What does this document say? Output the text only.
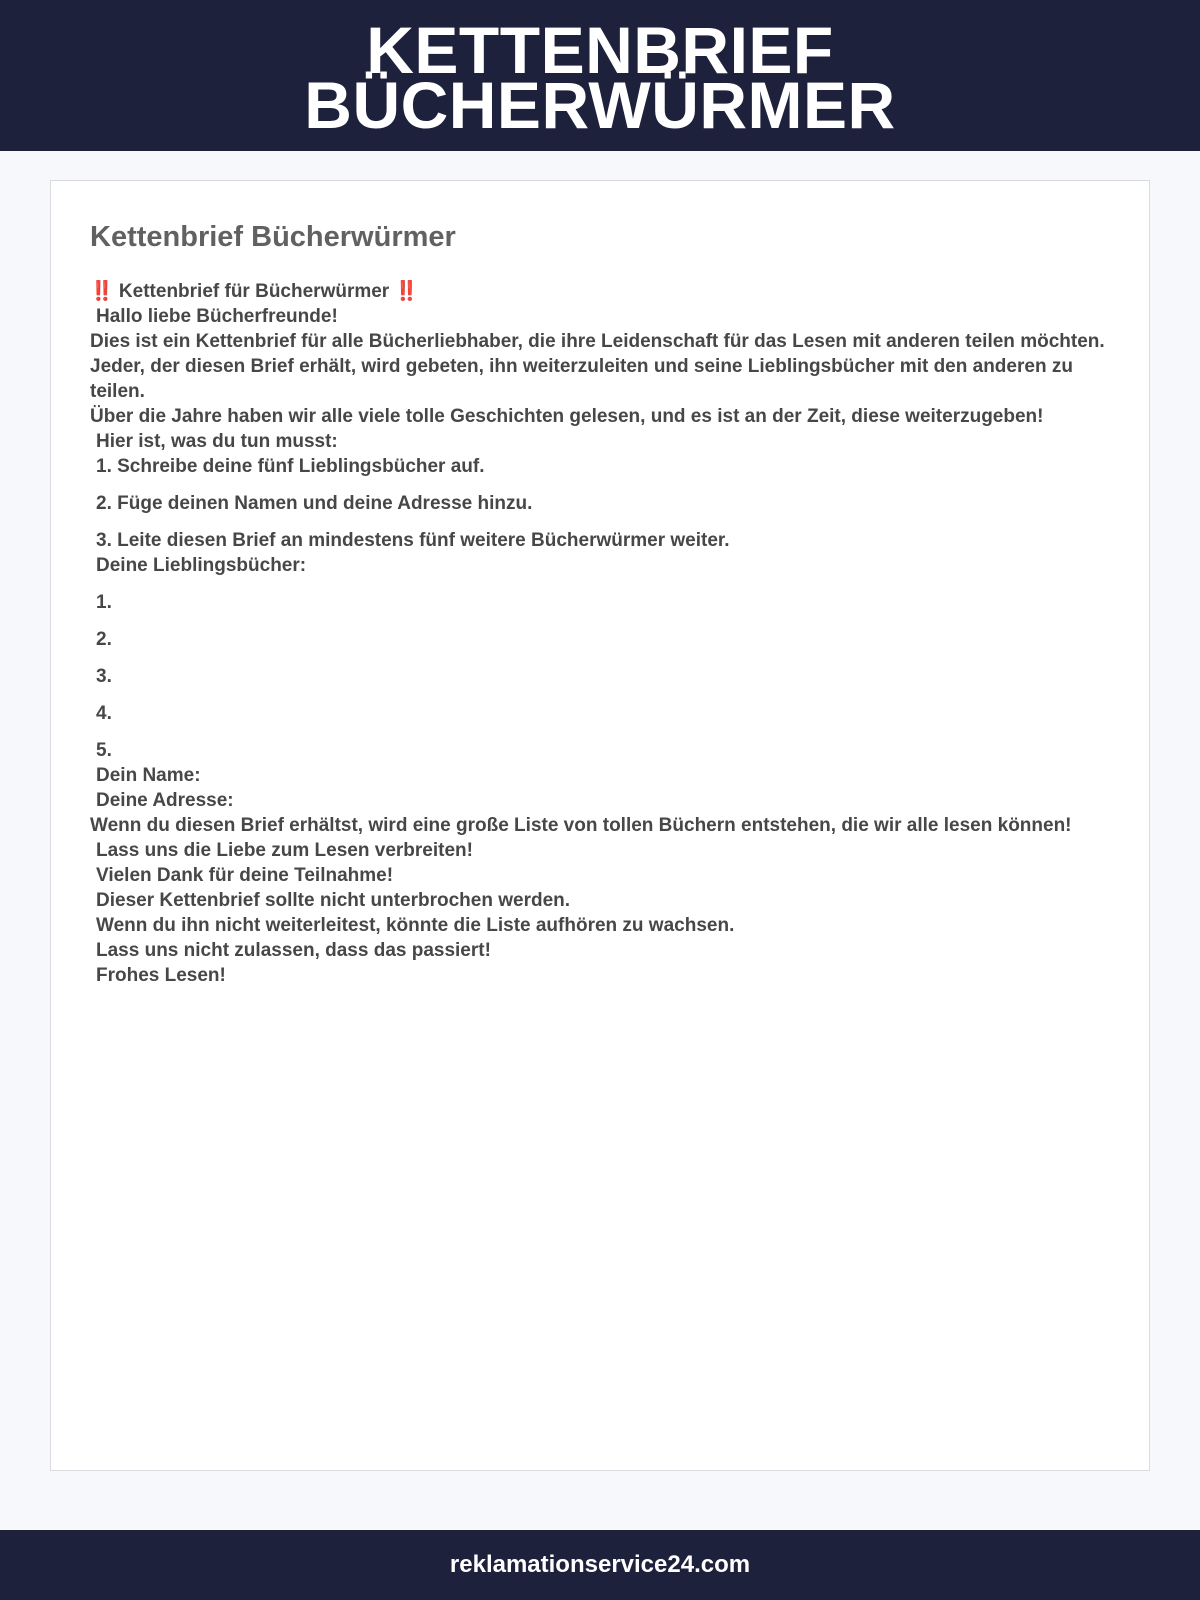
KETTENBRIEF
BÜCHERWÜRMER
Kettenbrief Bücherwürmer

‼️ Kettenbrief für Bücherwürmer ‼️

Hallo liebe Bücherfreunde!

Dies ist ein Kettenbrief für alle Bücherliebhaber, die ihre Leidenschaft für das Lesen mit anderen teilen möchten.

Jeder, der diesen Brief erhält, wird gebeten, ihn weiterzuleiten und seine Lieblingsbücher mit den anderen zu teilen.

Über die Jahre haben wir alle viele tolle Geschichten gelesen, und es ist an der Zeit, diese weiterzugeben!

Hier ist, was du tun musst:

1. Schreibe deine fünf Lieblingsbücher auf.

2. Füge deinen Namen und deine Adresse hinzu.

3. Leite diesen Brief an mindestens fünf weitere Bücherwürmer weiter.

Deine Lieblingsbücher:

1.

2.

3.

4.

5.

Dein Name:

Deine Adresse:

Wenn du diesen Brief erhältst, wird eine große Liste von tollen Büchern entstehen, die wir alle lesen können!

Lass uns die Liebe zum Lesen verbreiten!

Vielen Dank für deine Teilnahme!

Dieser Kettenbrief sollte nicht unterbrochen werden.

Wenn du ihn nicht weiterleitest, könnte die Liste aufhören zu wachsen.

Lass uns nicht zulassen, dass das passiert!

Frohes Lesen!

reklamationservice24.com
